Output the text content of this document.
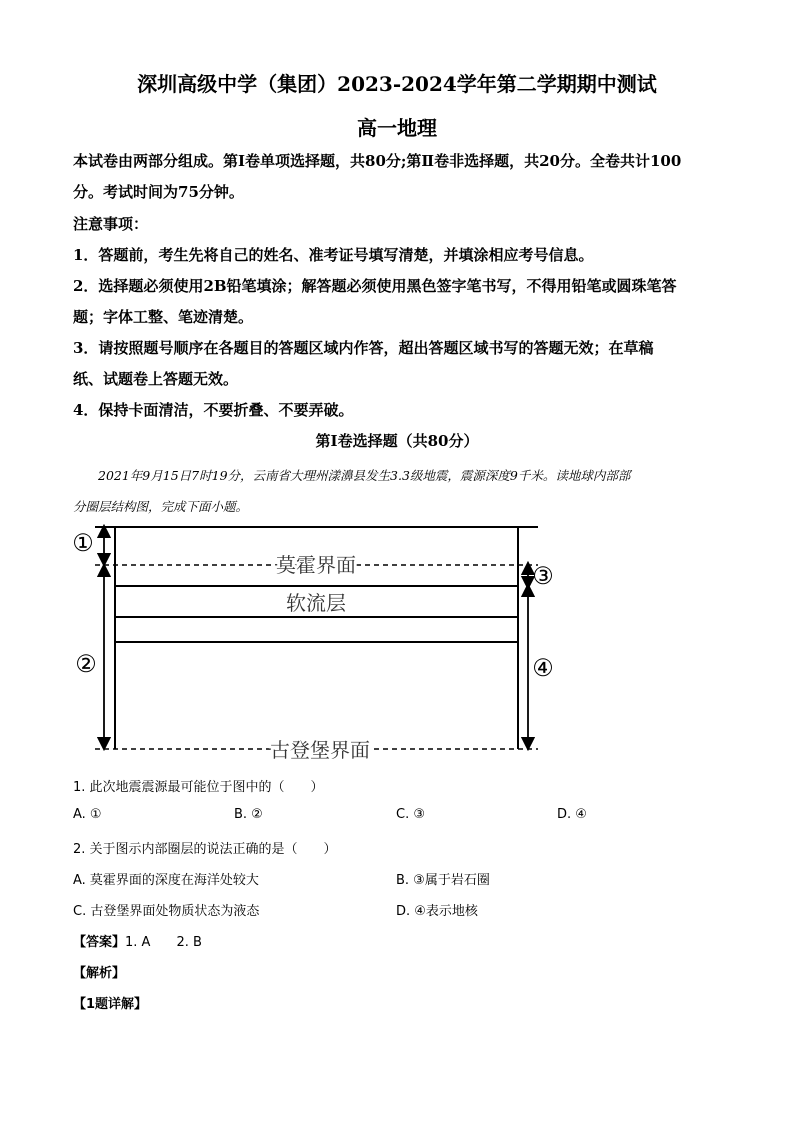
深圳高级中学（集团）2023-2024学年第二学期期中测试
高一地理
本试卷由两部分组成。第Ⅰ卷单项选择题，共80分;第Ⅱ卷非选择题，共20分。全卷共计100
分。考试时间为75分钟。
注意事项：
1．答题前，考生先将自己的姓名、准考证号填写清楚，并填涂相应考号信息。
2．选择题必须使用2B铅笔填涂；解答题必须使用黑色签字笔书写，不得用铅笔或圆珠笔答
题；字体工整、笔迹清楚。
3．请按照题号顺序在各题目的答题区域内作答，超出答题区域书写的答题无效；在草稿
纸、试题卷上答题无效。
4．保持卡面清洁，不要折叠、不要弄破。
第Ⅰ卷选择题（共80分）
2021年9月15日7时19分，云南省大理州漾濞县发生3.3级地震，震源深度9千米。读地球内部部
分圈层结构图，完成下面小题。
莫霍界面
软流层
古登堡界面
①
②
③
④
1. 此次地震震源最可能位于图中的（　　）
A. ①	B. ②	C. ③	D. ④
2. 关于图示内部圈层的说法正确的是（　　）
A. 莫霍界面的深度在海洋处较大	B. ③属于岩石圈
C. 古登堡界面处物质状态为液态	D. ④表示地核
【答案】1. A　　2. B
【解析】
【1题详解】
